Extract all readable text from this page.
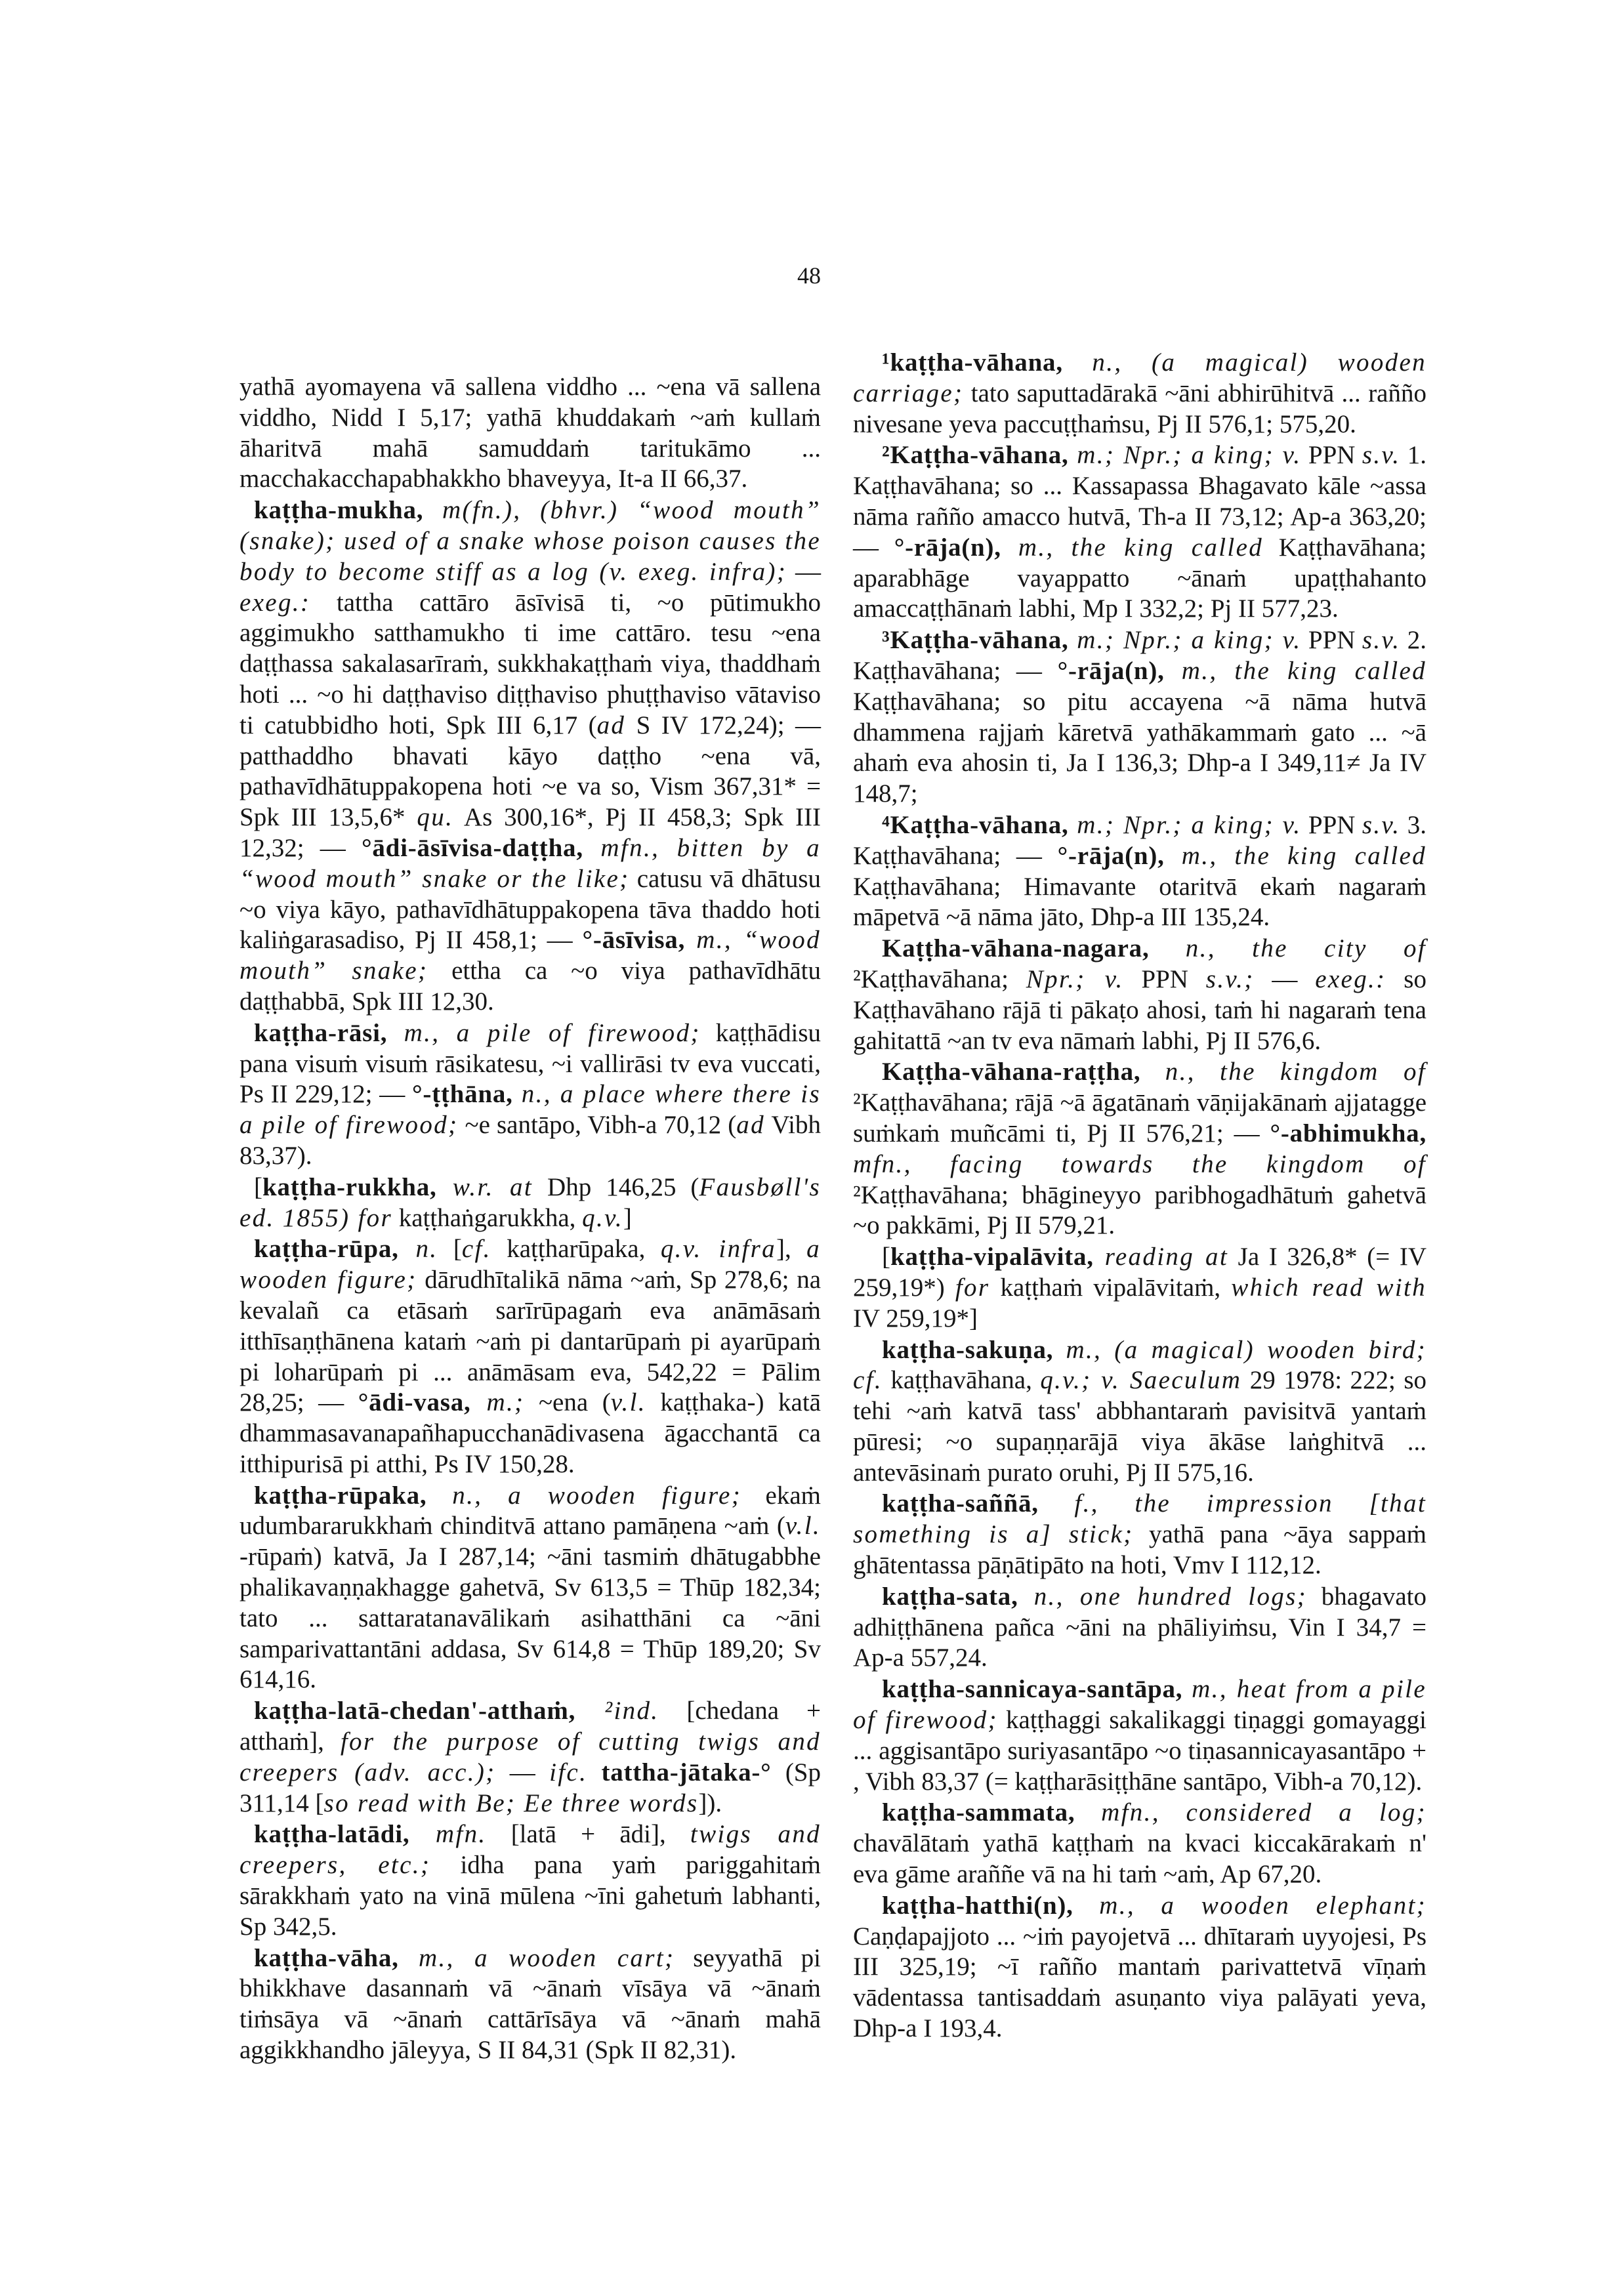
48

yathā ayomayena vā sallena viddho ... ~ena vā sallena viddho, Nidd I 5,17; yathā khuddakaṁ ~aṁ kullaṁ āharitvā mahā samuddaṁ taritukāmo ... macchakacchapabhakkho bhaveyya, It-a II 66,37.

kaṭṭha-mukha, m(fn.), (bhvr.) “wood mouth” (snake); used of a snake whose poison causes the body to become stiff as a log (v. exeg. infra); — exeg.: tattha cattāro āsīvisā ti, ~o pūtimukho aggimukho satthamukho ti ime cattāro. tesu ~ena daṭṭhassa sakalasarīraṁ, sukkhakaṭṭhaṁ viya, thaddhaṁ hoti ... ~o hi daṭṭhaviso diṭṭhaviso phuṭṭhaviso vātaviso ti catubbidho hoti, Spk III 6,17 (ad S IV 172,24); — patthaddho bhavati kāyo daṭṭho ~ena vā, pathavīdhātuppakopena hoti ~e va so, Vism 367,31* = Spk III 13,5,6* qu. As 300,16*, Pj II 458,3; Spk III 12,32; — °ādi-āsīvisa-daṭṭha, mfn., bitten by a “wood mouth” snake or the like; catusu vā dhātusu ~o viya kāyo, pathavīdhātuppakopena tāva thaddo hoti kaliṅgarasadiso, Pj II 458,1; — °-āsīvisa, m., “wood mouth” snake; ettha ca ~o viya pathavīdhātu daṭṭhabbā, Spk III 12,30.

kaṭṭha-rāsi, m., a pile of firewood; kaṭṭhādisu pana visuṁ visuṁ rāsikatesu, ~i vallirāsi tv eva vuccati, Ps II 229,12; — °-ṭṭhāna, n., a place where there is a pile of firewood; ~e santāpo, Vibh-a 70,12 (ad Vibh 83,37).

[kaṭṭha-rukkha, w.r. at Dhp 146,25 (Fausbøll's ed. 1855) for kaṭṭhaṅgarukkha, q.v.]

kaṭṭha-rūpa, n. [cf. kaṭṭharūpaka, q.v. infra], a wooden figure; dārudhītalikā nāma ~aṁ, Sp 278,6; na kevalañ ca etāsaṁ sarīrūpagaṁ eva anāmāsaṁ itthīsaṇṭhānena kataṁ ~aṁ pi dantarūpaṁ pi ayarūpaṁ pi loharūpaṁ pi ... anāmāsam eva, 542,22 = Pālim 28,25; — °ādi-vasa, m.; ~ena (v.l. kaṭṭhaka-) katā dhammasavanapañhapucchanādivasena āgacchantā ca itthipurisā pi atthi, Ps IV 150,28.

kaṭṭha-rūpaka, n., a wooden figure; ekaṁ udumbararukkhaṁ chinditvā attano pamāṇena ~aṁ (v.l. -rūpaṁ) katvā, Ja I 287,14; ~āni tasmiṁ dhātugabbhe phalikavaṇṇakhagge gahetvā, Sv 613,5 = Thūp 182,34; tato ... sattaratanavālikaṁ asihatthāni ca ~āni samparivattantāni addasa, Sv 614,8 = Thūp 189,20; Sv 614,16.

kaṭṭha-latā-chedan'-atthaṁ, ²ind. [chedana + atthaṁ], for the purpose of cutting twigs and creepers (adv. acc.); — ifc. tattha-jātaka-° (Sp 311,14 [so read with Be; Ee three words]).

kaṭṭha-latādi, mfn. [latā + ādi], twigs and creepers, etc.; idha pana yaṁ pariggahitaṁ sārakkhaṁ yato na vinā mūlena ~īni gahetuṁ labhanti, Sp 342,5.

kaṭṭha-vāha, m., a wooden cart; seyyathā pi bhikkhave dasannaṁ vā ~ānaṁ vīsāya vā ~ānaṁ tiṁsāya vā ~ānaṁ cattārīsāya vā ~ānaṁ mahā aggikkhandho jāleyya, S II 84,31 (Spk II 82,31).

¹kaṭṭha-vāhana, n., (a magical) wooden carriage; tato saputtadārakā ~āni abhirūhitvā ... rañño nivesane yeva paccuṭṭhaṁsu, Pj II 576,1; 575,20.

²Kaṭṭha-vāhana, m.; Npr.; a king; v. PPN s.v. 1. Kaṭṭhavāhana; so ... Kassapassa Bhagavato kāle ~assa nāma rañño amacco hutvā, Th-a II 73,12; Ap-a 363,20; — °-rāja(n), m., the king called Kaṭṭhavāhana; aparabhāge vayappatto ~ānaṁ upaṭṭhahanto amaccaṭṭhānaṁ labhi, Mp I 332,2; Pj II 577,23.

³Kaṭṭha-vāhana, m.; Npr.; a king; v. PPN s.v. 2. Kaṭṭhavāhana; — °-rāja(n), m., the king called Kaṭṭhavāhana; so pitu accayena ~ā nāma hutvā dhammena rajjaṁ kāretvā yathākammaṁ gato ... ~ā ahaṁ eva ahosin ti, Ja I 136,3; Dhp-a I 349,11≠ Ja IV 148,7;

⁴Kaṭṭha-vāhana, m.; Npr.; a king; v. PPN s.v. 3. Kaṭṭhavāhana; — °-rāja(n), m., the king called Kaṭṭhavāhana; Himavante otaritvā ekaṁ nagaraṁ māpetvā ~ā nāma jāto, Dhp-a III 135,24.

Kaṭṭha-vāhana-nagara, n., the city of ²Kaṭṭhavāhana; Npr.; v. PPN s.v.; — exeg.: so Kaṭṭhavāhano rājā ti pākaṭo ahosi, taṁ hi nagaraṁ tena gahitattā ~an tv eva nāmaṁ labhi, Pj II 576,6.

Kaṭṭha-vāhana-raṭṭha, n., the kingdom of ²Kaṭṭhavāhana; rājā ~ā āgatānaṁ vāṇijakānaṁ ajjatagge suṁkaṁ muñcāmi ti, Pj II 576,21; — °-abhimukha, mfn., facing towards the kingdom of ²Kaṭṭhavāhana; bhāgineyyo paribhogadhātuṁ gahetvā ~o pakkāmi, Pj II 579,21.

[kaṭṭha-vipalāvita, reading at Ja I 326,8* (= IV 259,19*) for kaṭṭhaṁ vipalāvitaṁ, which read with IV 259,19*]

kaṭṭha-sakuṇa, m., (a magical) wooden bird; cf. kaṭṭhavāhana, q.v.; v. Saeculum 29 1978: 222; so tehi ~aṁ katvā tass' abbhantaraṁ pavisitvā yantaṁ pūresi; ~o supaṇṇarājā viya ākāse laṅghitvā ... antevāsinaṁ purato oruhi, Pj II 575,16.

kaṭṭha-saññā, f., the impression [that something is a] stick; yathā pana ~āya sappaṁ ghātentassa pāṇātipāto na hoti, Vmv I 112,12.

kaṭṭha-sata, n., one hundred logs; bhagavato adhiṭṭhānena pañca ~āni na phāliyiṁsu, Vin I 34,7 = Ap-a 557,24.

kaṭṭha-sannicaya-santāpa, m., heat from a pile of firewood; kaṭṭhaggi sakalikaggi tiṇaggi gomayaggi ... aggisantāpo suriyasantāpo ~o tiṇasannicayasantāpo + , Vibh 83,37 (= kaṭṭharāsiṭṭhāne santāpo, Vibh-a 70,12).

kaṭṭha-sammata, mfn., considered a log; chavālātaṁ yathā kaṭṭhaṁ na kvaci kiccakārakaṁ n' eva gāme araññe vā na hi taṁ ~aṁ, Ap 67,20.

kaṭṭha-hatthi(n), m., a wooden elephant; Caṇḍapajjoto ... ~iṁ payojetvā ... dhītaraṁ uyyojesi, Ps III 325,19; ~ī rañño mantaṁ parivattetvā vīṇaṁ vādentassa tantisaddaṁ asuṇanto viya palāyati yeva, Dhp-a I 193,4.
